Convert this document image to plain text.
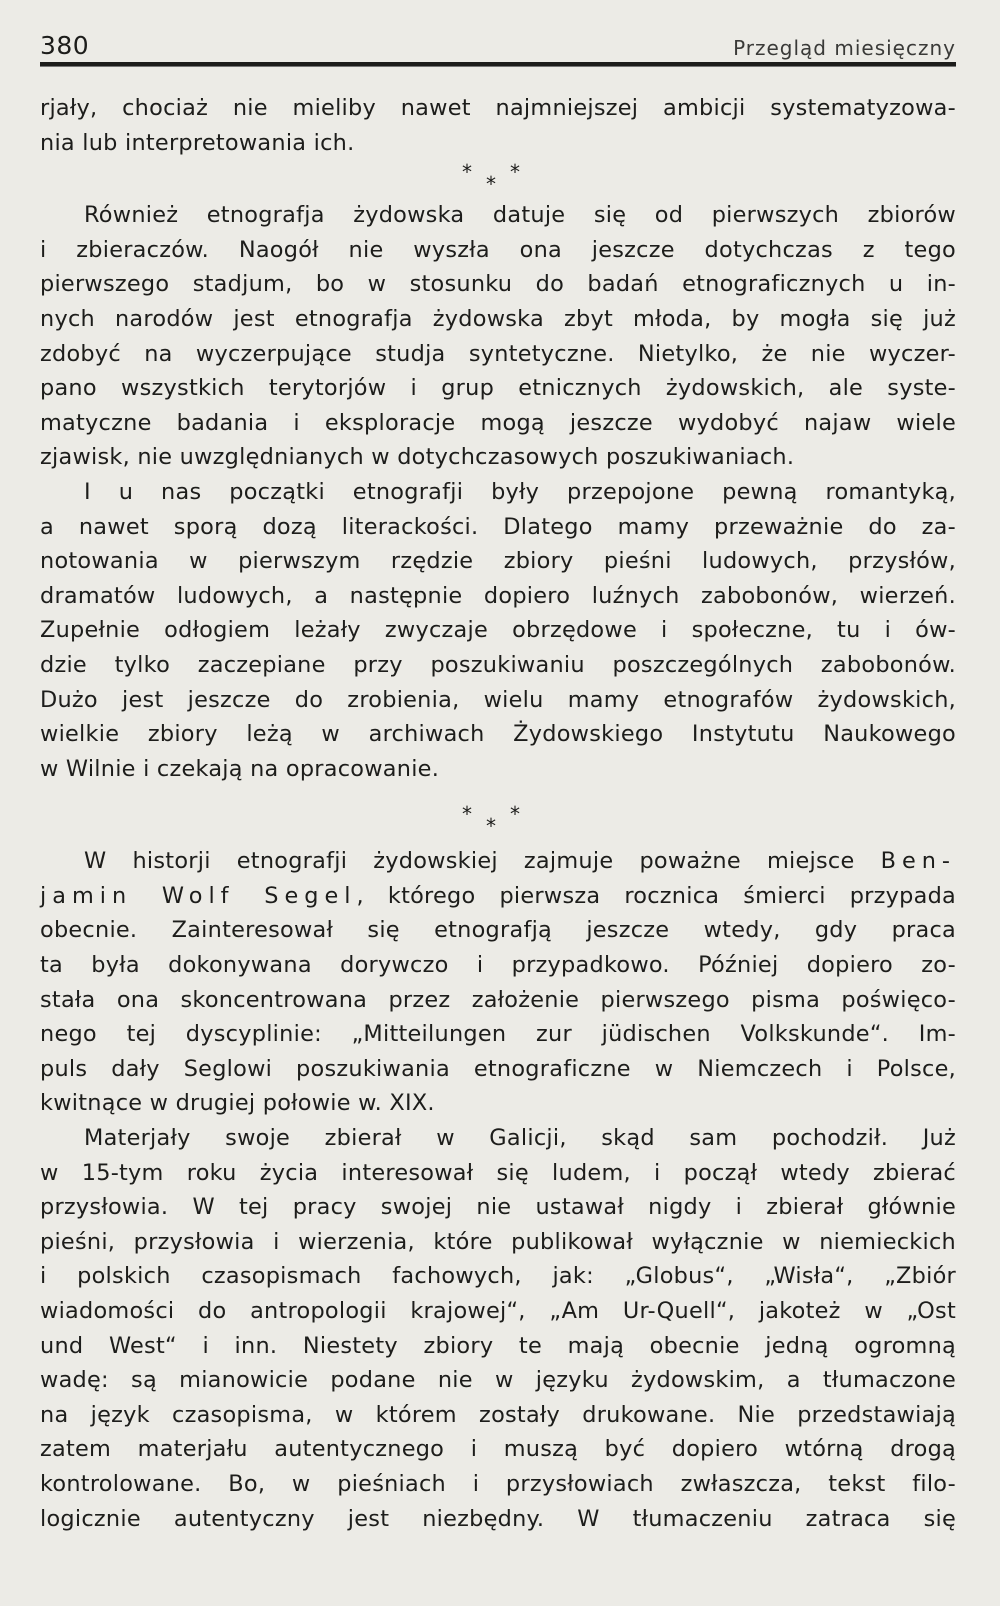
380	Przegląd miesięczny
rjały, chociaż nie mieliby nawet najmniejszej ambicji systematyzowa-
nia lub interpretowania ich.
* * *
Również etnografja żydowska datuje się od pierwszych zbiorów
i zbieraczów. Naogół nie wyszła ona jeszcze dotychczas z tego
pierwszego stadjum, bo w stosunku do badań etnograficznych u in-
nych narodów jest etnografja żydowska zbyt młoda, by mogła się już
zdobyć na wyczerpujące studja syntetyczne. Nietylko, że nie wyczer-
pano wszystkich terytorjów i grup etnicznych żydowskich, ale syste-
matyczne badania i eksploracje mogą jeszcze wydobyć najaw wiele
zjawisk, nie uwzględnianych w dotychczasowych poszukiwaniach.
I u nas początki etnografji były przepojone pewną romantyką,
a nawet sporą dozą literackości. Dlatego mamy przeważnie do za-
notowania w pierwszym rzędzie zbiory pieśni ludowych, przysłów,
dramatów ludowych, a następnie dopiero luźnych zabobonów, wierzeń.
Zupełnie odłogiem leżały zwyczaje obrzędowe i społeczne, tu i ów-
dzie tylko zaczepiane przy poszukiwaniu poszczególnych zabobonów.
Dużo jest jeszcze do zrobienia, wielu mamy etnografów żydowskich,
wielkie zbiory leżą w archiwach Żydowskiego Instytutu Naukowego
w Wilnie i czekają na opracowanie.
* * *
W historji etnografji żydowskiej zajmuje poważne miejsce Ben-
jamin Wolf Segel, którego pierwsza rocznica śmierci przypada
obecnie. Zainteresował się etnografją jeszcze wtedy, gdy praca
ta była dokonywana dorywczo i przypadkowo. Później dopiero zo-
stała ona skoncentrowana przez założenie pierwszego pisma poświęco-
nego tej dyscyplinie: „Mitteilungen zur jüdischen Volkskunde“. Im-
puls dały Seglowi poszukiwania etnograficzne w Niemczech i Polsce,
kwitnące w drugiej połowie w. XIX.
Materjały swoje zbierał w Galicji, skąd sam pochodził. Już
w 15-tym roku życia interesował się ludem, i począł wtedy zbierać
przysłowia. W tej pracy swojej nie ustawał nigdy i zbierał głównie
pieśni, przysłowia i wierzenia, które publikował wyłącznie w niemieckich
i polskich czasopismach fachowych, jak: „Globus“, „Wisła“, „Zbiór
wiadomości do antropologii krajowej“, „Am Ur-Quell“, jakoteż w „Ost
und West“ i inn. Niestety zbiory te mają obecnie jedną ogromną
wadę: są mianowicie podane nie w języku żydowskim, a tłumaczone
na język czasopisma, w którem zostały drukowane. Nie przedstawiają
zatem materjału autentycznego i muszą być dopiero wtórną drogą
kontrolowane. Bo, w pieśniach i przysłowiach zwłaszcza, tekst filo-
logicznie autentyczny jest niezbędny. W tłumaczeniu zatraca się
